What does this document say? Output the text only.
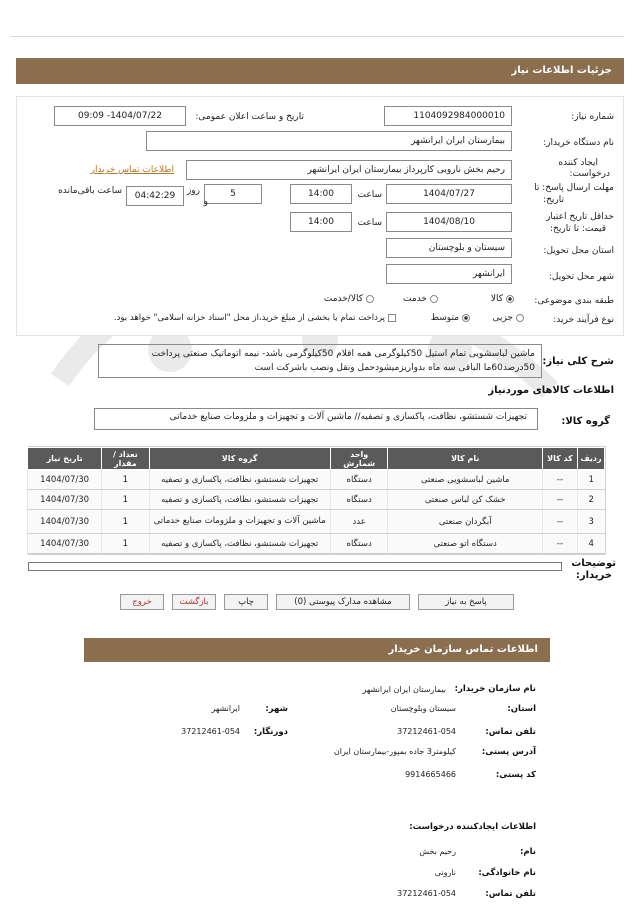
جزئیات اطلاعات نیاز
شماره نیاز:
1104092984000010
تاریخ و ساعت اعلان عمومی:
1404/07/22- 09:09
نام دستگاه خریدار:
بیمارستان ایران ایرانشهر
ایجاد کننده
درخواست:
رحیم بخش نارویی کارپرداز بیمارستان ایران ایرانشهر
اطلاعات تماس خریدار
مهلت ارسال پاسخ: تا
تاریخ:
1404/07/27
ساعت
14:00
5
روز
و
04:42:29
ساعت باقی‌مانده
حداقل تاریخ اعتبار
قیمت: تا تاریخ:
1404/08/10
ساعت
14:00
استان محل تحویل:
سیستان و بلوچستان
شهر محل تحویل:
ایرانشهر
طبقه بندی موضوعی:
کالا
خدمت
کالا/خدمت
نوع فرآیند خرید:
جزیی
متوسط
پرداخت تمام یا بخشی از مبلغ خرید،از محل "اسناد خزانه اسلامی" خواهد بود.
شرح کلی نیاز:
ماشین لباسشویی تمام استیل 50کیلوگرمی همه اقلام 50کیلوگرمی باشد- نیمه اتوماتیک صنعتی پرداخت 50درصد60ما الباقی سه ماه بدواریزمیشودحمل ونقل ونصب باشرکت است
اطلاعات کالاهای موردنیاز
گروه کالا:
تجهیزات شستشو، نظافت، پاکسازی و تصفیه// ماشین آلات و تجهیزات و ملزومات صنایع خدماتی
ردیف	کد کالا	نام کالا	واحد شمارش	گروه کالا	تعداد / مقدار	تاریخ نیاز
1	--	ماشین لباسشویی صنعتی	دستگاه	تجهیزات شستشو، نظافت، پاکسازی و تصفیه	1	1404/07/30
2	--	خشک کن لباس صنعتی	دستگاه	تجهیزات شستشو، نظافت، پاکسازی و تصفیه	1	1404/07/30
3	--	آبگردان صنعتی	عدد	ماشین آلات و تجهیزات و ملزومات صنایع خدماتی	1	1404/07/30
4	--	دستگاه اتو صنعتی	دستگاه	تجهیزات شستشو، نظافت، پاکسازی و تصفیه	1	1404/07/30
توضیحات
خریدار:
پاسخ به نیاز
مشاهده مدارک پیوستی (0)
چاپ
بازگشت
خروج
اطلاعات تماس سازمان خریدار
نام سازمان خریدار:
بیمارستان ایران ایرانشهر
استان:
سیستان وبلوچستان
شهر:
ایرانشهر
تلفن تماس:
37212461-054
دورنگار:
37212461-054
آدرس پستی:
کیلومتر3 جاده بمپور-بیمارستان ایران
کد پستی:
9914665466
اطلاعات ایجادکننده درخواست:
نام:
رحیم بخش
نام خانوادگی:
نارونی
تلفن تماس:
37212461-054
